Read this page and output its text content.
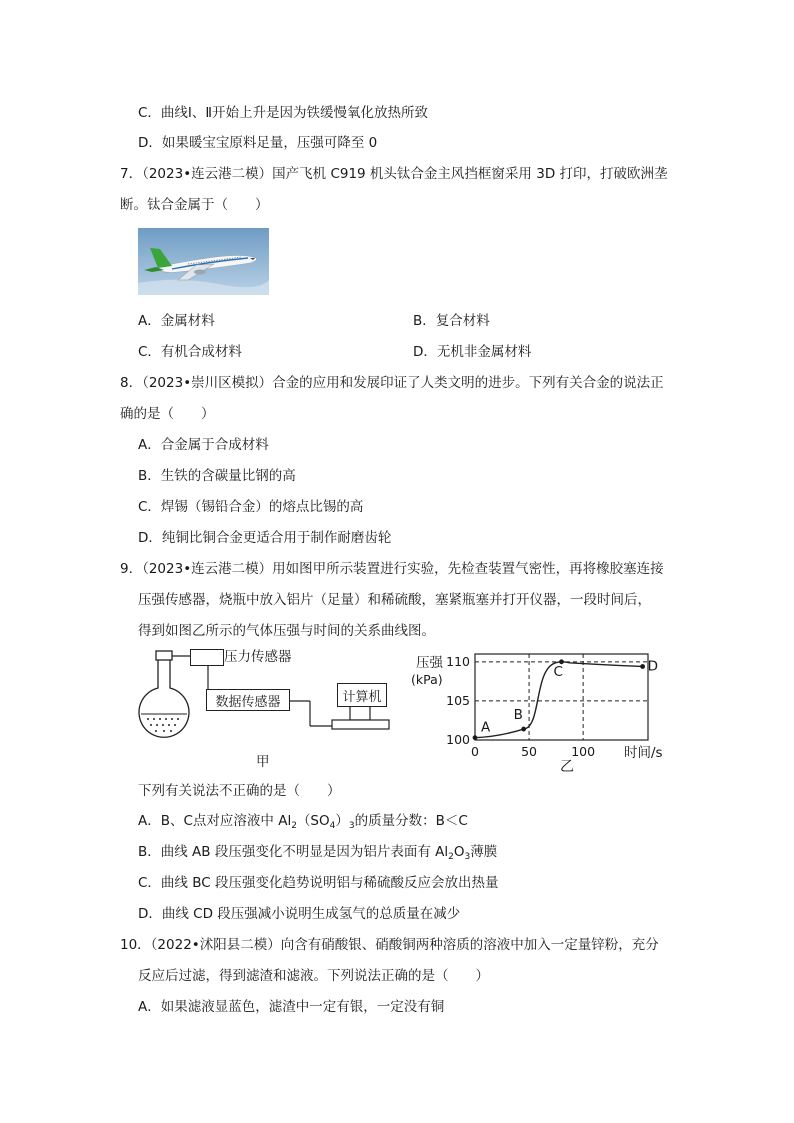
C．曲线Ⅰ、Ⅱ开始上升是因为铁缓慢氧化放热所致
D．如果暖宝宝原料足量，压强可降至 0
7．（2023•连云港二模）国产飞机 C919 机头钛合金主风挡框窗采用 3D 打印，打破欧洲垄
断。钛合金属于（　　）
A．金属材料	B．复合材料
C．有机合成材料	D．无机非金属材料
8．（2023•崇川区模拟）合金的应用和发展印证了人类文明的进步。下列有关合金的说法正
确的是（　　）
A．合金属于合成材料
B．生铁的含碳量比钢的高
C．焊锡（锡铅合金）的熔点比锡的高
D．纯铜比铜合金更适合用于制作耐磨齿轮
9．（2023•连云港二模）用如图甲所示装置进行实验，先检查装置气密性，再将橡胶塞连接
压强传感器，烧瓶中放入铝片（足量）和稀硫酸，塞紧瓶塞并打开仪器，一段时间后，
得到如图乙所示的气体压强与时间的关系曲线图。
压力传感器
数据传感器	计算机
甲
100
105
110
0	50	100
A
B
C	D
压强
(kPa)
时间/s
乙
下列有关说法不正确的是（　　）
A．B、C点对应溶液中 $Al_2(SO_4)_3$的质量分数：B＜C
B．曲线 AB 段压强变化不明显是因为铝片表面有 $Al_2O_3$薄膜
C．曲线 BC 段压强变化趋势说明铝与稀硫酸反应会放出热量
D．曲线 CD 段压强减小说明生成氢气的总质量在减少
10．（2022•沭阳县二模）向含有硝酸银、硝酸铜两种溶质的溶液中加入一定量锌粉，充分
反应后过滤，得到滤渣和滤液。下列说法正确的是（　　）
A．如果滤液显蓝色，滤渣中一定有银，一定没有铜
